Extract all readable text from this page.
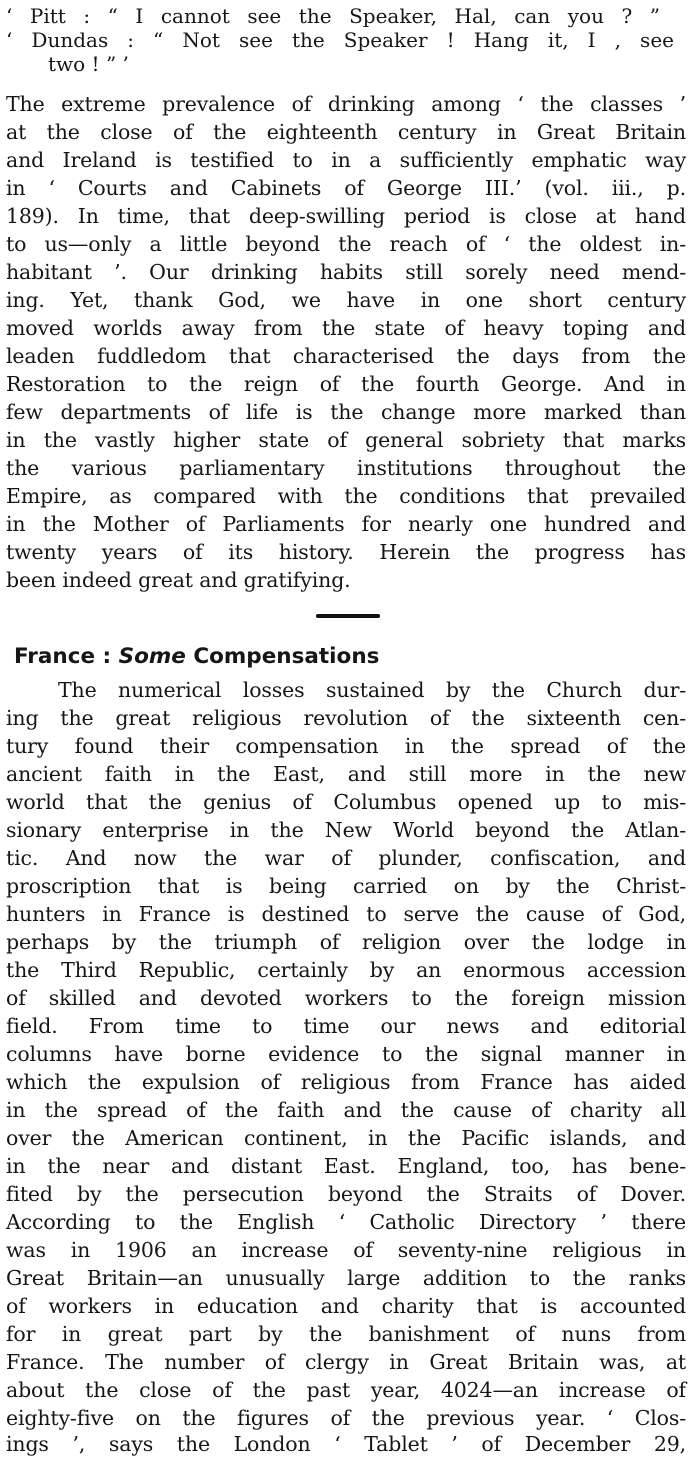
‘ Pitt : “ I cannot see the Speaker, Hal, can you ? ”
‘ Dundas : “ Not see the Speaker ! Hang it, I , see
two ! ” ’
The extreme prevalence of drinking among ‘ the classes ’
at the close of the eighteenth century in Great Britain
and Ireland is testified to in a sufficiently emphatic way
in ‘ Courts and Cabinets of George III.’ (vol. iii., p.
189). In time, that deep-swilling period is close at hand
to us—only a little beyond the reach of ‘ the oldest in-
habitant ’. Our drinking habits still sorely need mend-
ing. Yet, thank God, we have in one short century
moved worlds away from the state of heavy toping and
leaden fuddledom that characterised the days from the
Restoration to the reign of the fourth George. And in
few departments of life is the change more marked than
in the vastly higher state of general sobriety that marks
the various parliamentary institutions throughout the
Empire, as compared with the conditions that prevailed
in the Mother of Parliaments for nearly one hundred and
twenty years of its history. Herein the progress has
been indeed great and gratifying.
France : Some Compensations
The numerical losses sustained by the Church dur-
ing the great religious revolution of the sixteenth cen-
tury found their compensation in the spread of the
ancient faith in the East, and still more in the new
world that the genius of Columbus opened up to mis-
sionary enterprise in the New World beyond the Atlan-
tic. And now the war of plunder, confiscation, and
proscription that is being carried on by the Christ-
hunters in France is destined to serve the cause of God,
perhaps by the triumph of religion over the lodge in
the Third Republic, certainly by an enormous accession
of skilled and devoted workers to the foreign mission
field. From time to time our news and editorial
columns have borne evidence to the signal manner in
which the expulsion of religious from France has aided
in the spread of the faith and the cause of charity all
over the American continent, in the Pacific islands, and
in the near and distant East. England, too, has bene-
fited by the persecution beyond the Straits of Dover.
According to the English ‘ Catholic Directory ’ there
was in 1906 an increase of seventy-nine religious in
Great Britain—an unusually large addition to the ranks
of workers in education and charity that is accounted
for in great part by the banishment of nuns from
France. The number of clergy in Great Britain was, at
about the close of the past year, 4024—an increase of
eighty-five on the figures of the previous year. ‘ Clos-
ings ’, says the London ‘ Tablet ’ of December 29,
